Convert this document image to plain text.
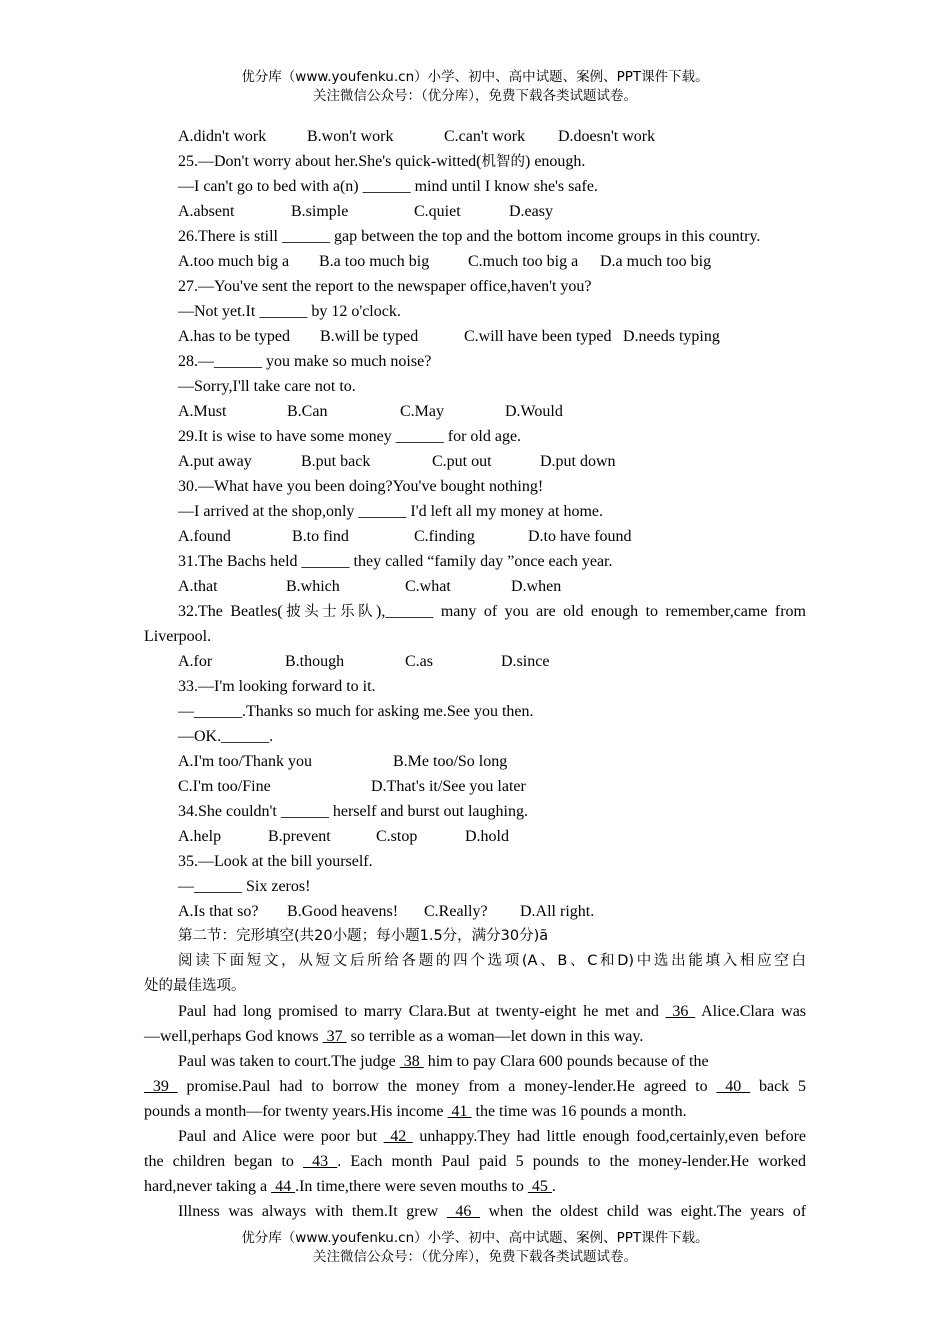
优分库（www.youfenku.cn）小学、初中、高中试题、案例、PPT课件下载。
关注微信公众号：（优分库），免费下载各类试题试卷。
A.didn't work	B.won't work	C.can't work D.doesn't work
25.—Don't worry about her.She's quick-witted(机智的) enough.
—I can't go to bed with a(n) ______ mind until I know she's safe.
A.absent	B.simple	C.quiet	D.easy
26.There is still ______ gap between the top and the bottom income groups in this country.
A.too much big a B.a too much big C.much too big a D.a much too big
27.—You've sent the report to the newspaper office,haven't you?
—Not yet.It ______ by 12 o'clock.
A.has to be typed B.will be typed	C.will have been typed D.needs typing
28.—______ you make so much noise?
—Sorry,I'll take care not to.
A.Must	B.Can	C.May	D.Would
29.It is wise to have some money ______ for old age.
A.put away	B.put back	C.put out	D.put down
30.—What have you been doing?You've bought nothing!
—I arrived at the shop,only ______ I'd left all my money at home.
A.found	B.to find	C.finding	D.to have found
31.The Bachs held ______ they called “family day ”once each year.
A.that	B.which	C.what	D.when
32.The Beatles(披头士乐队),______ many of you are old enough to remember,came from
Liverpool.
A.for	B.though	C.as	D.since
33.—I'm looking forward to it.
—______.Thanks so much for asking me.See you then.
—OK.______.
A.I'm too/Thank you	B.Me too/So long
C.I'm too/Fine	D.That's it/See you later
34.She couldn't ______ herself and burst out laughing.
A.help	B.prevent	C.stop	D.hold
35.—Look at the bill yourself.
—______ Six zeros!
A.Is that so? B.Good heavens! C.Really? D.All right.
第二节：完形填空(共20小题；每小题1.5分，满分30分)ã
阅读下面短文，从短文后所给各题的四个选项(A、B、C和D)中选出能填入相应空白
处的最佳选项。
Paul had long promised to marry Clara.But at twenty-eight he met and  36  Alice.Clara was
—well,perhaps God knows  37  so terrible as a woman—let down in this way.
Paul was taken to court.The judge  38  him to pay Clara 600 pounds because of the
39  promise.Paul had to borrow the money from a money-lender.He agreed to  40  back 5
pounds a month—for twenty years.His income  41  the time was 16 pounds a month.
Paul and Alice were poor but  42  unhappy.They had little enough food,certainly,even before
the children began to  43 . Each month Paul paid 5 pounds to the money-lender.He worked
hard,never taking a  44 .In time,there were seven mouths to  45 .
Illness was always with them.It grew  46  when the oldest child was eight.The years of
优分库（www.youfenku.cn）小学、初中、高中试题、案例、PPT课件下载。
关注微信公众号：（优分库），免费下载各类试题试卷。
